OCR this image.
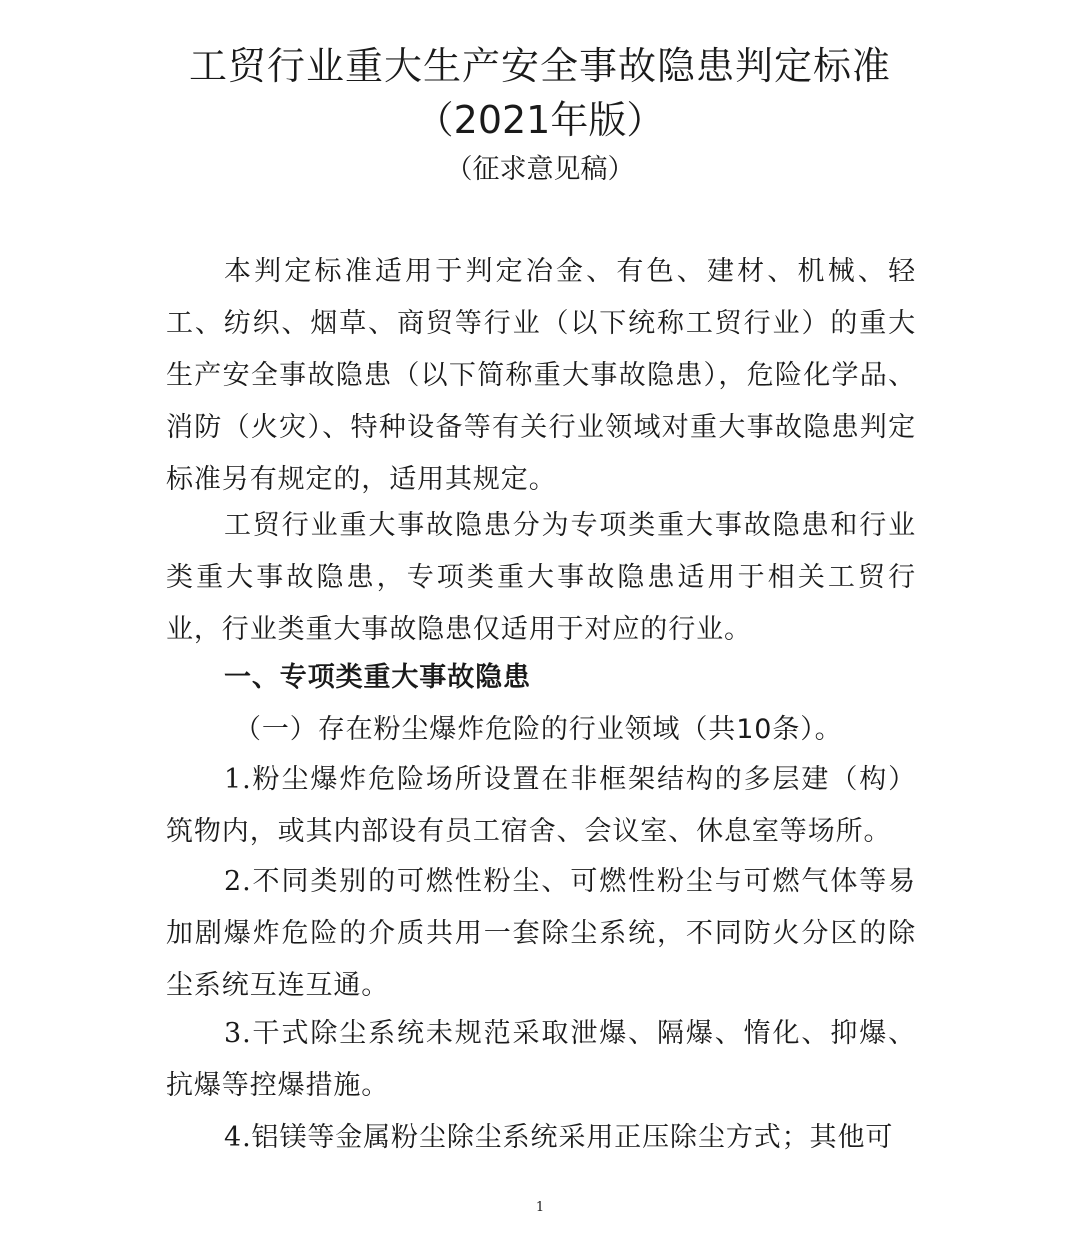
工贸行业重大生产安全事故隐患判定标准
（2021年版）

（征求意见稿）

本判定标准适用于判定冶金、有色、建材、机械、轻工、纺织、烟草、商贸等行业（以下统称工贸行业）的重大生产安全事故隐患（以下简称重大事故隐患），危险化学品、消防（火灾）、特种设备等有关行业领域对重大事故隐患判定标准另有规定的，适用其规定。

工贸行业重大事故隐患分为专项类重大事故隐患和行业类重大事故隐患，专项类重大事故隐患适用于相关工贸行业，行业类重大事故隐患仅适用于对应的行业。

一、专项类重大事故隐患

（一）存在粉尘爆炸危险的行业领域（共10条）。

1.粉尘爆炸危险场所设置在非框架结构的多层建（构）筑物内，或其内部设有员工宿舍、会议室、休息室等场所。

2.不同类别的可燃性粉尘、可燃性粉尘与可燃气体等易加剧爆炸危险的介质共用一套除尘系统，不同防火分区的除尘系统互连互通。

3.干式除尘系统未规范采取泄爆、隔爆、惰化、抑爆、抗爆等控爆措施。

4.铝镁等金属粉尘除尘系统采用正压除尘方式；其他可

1
